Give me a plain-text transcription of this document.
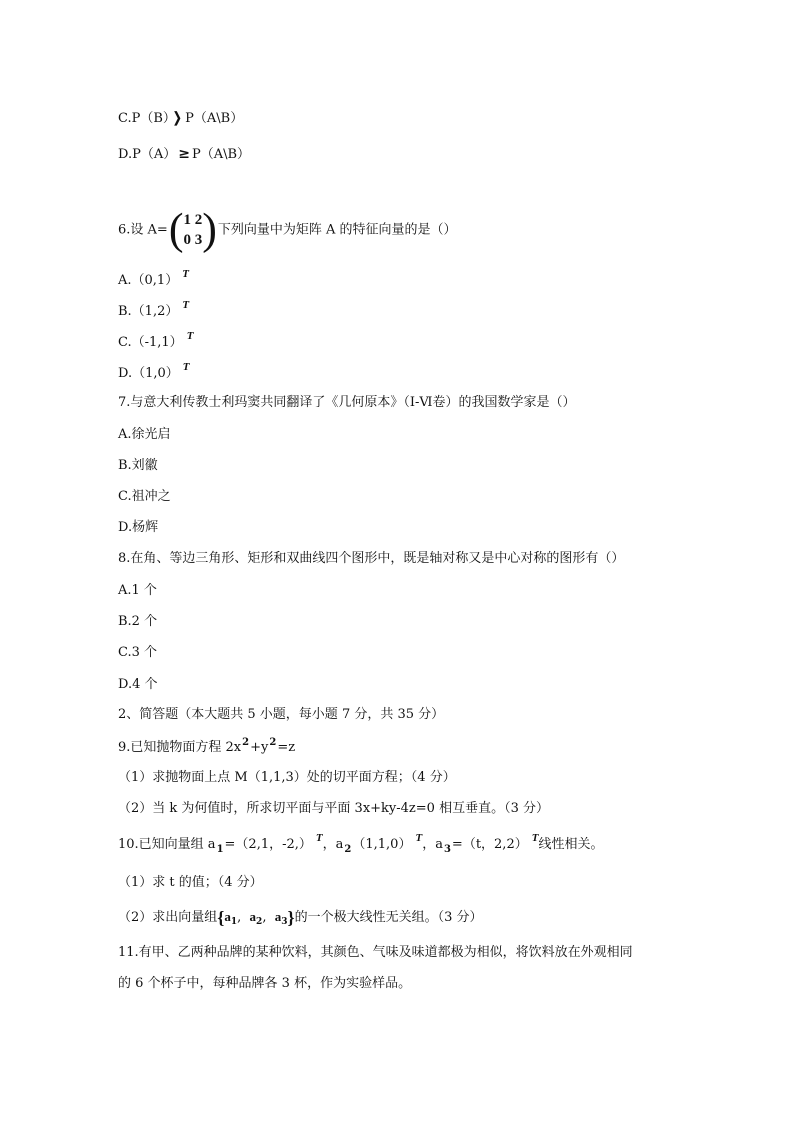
C.P（B） ❭ P（A\B）
D.P（A） ≥ P（A\B）
6.设 A=(1 2
0 3)下列向量中为矩阵 A 的特征向量的是（）
A.（0,1） $^T$
B.（1,2） $^T$
C.（-1,1） $^T$
D.（1,0） $^T$
7.与意大利传教士利玛窦共同翻译了《几何原本》（Ⅰ-Ⅵ卷）的我国数学家是（）
A.徐光启
B.刘徽
C.祖冲之
D.杨辉
8.在角、等边三角形、矩形和双曲线四个图形中，既是轴对称又是中心对称的图形有（）
A.1 个
B.2 个
C.3 个
D.4 个
2、简答题（本大题共 5 小题，每小题 7 分，共 35 分）
9.已知抛物面方程 $2x^2+y^2=z$
（1）求抛物面上点 M（1,1,3）处的切平面方程；（4 分）
（2）当 k 为何值时，所求切平面与平面 3x+ky-4z=0 相互垂直。（3 分）
10.已知向量组 $a_1=(2,1$，-2,） $^T$，$a_2(1,1,0)$ $^T$，$a_3=(t$，2,2） $^T$线性相关。
（1）求 t 的值；（4 分）
（2）求出向量组{$a_1$,  $a_2$,  $a_3$}的一个极大线性无关组。（3 分）
11.有甲、乙两种品牌的某种饮料，其颜色、气味及味道都极为相似，将饮料放在外观相同
的 6 个杯子中，每种品牌各 3 杯，作为实验样品。
